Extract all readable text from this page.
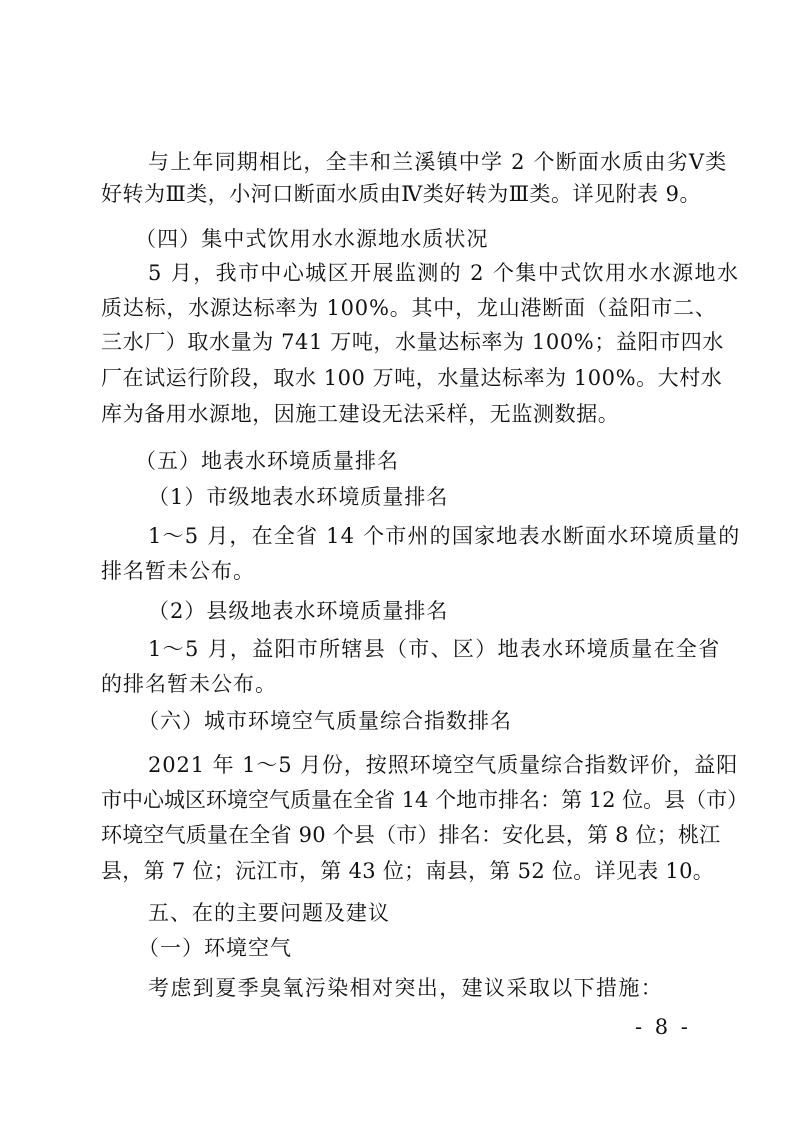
与上年同期相比，全丰和兰溪镇中学 2 个断面水质由劣Ⅴ类
好转为Ⅲ类，小河口断面水质由Ⅳ类好转为Ⅲ类。详见附表 9。
（四）集中式饮用水水源地水质状况
5 月，我市中心城区开展监测的 2 个集中式饮用水水源地水
质达标，水源达标率为 100%。其中，龙山港断面（益阳市二、
三水厂）取水量为 741 万吨，水量达标率为 100%；益阳市四水
厂在试运行阶段，取水 100 万吨，水量达标率为 100%。大村水
库为备用水源地，因施工建设无法采样，无监测数据。
（五）地表水环境质量排名
（1）市级地表水环境质量排名
1～5 月，在全省 14 个市州的国家地表水断面水环境质量的
排名暂未公布。
（2）县级地表水环境质量排名
1～5 月，益阳市所辖县（市、区）地表水环境质量在全省
的排名暂未公布。
（六）城市环境空气质量综合指数排名
2021 年 1～5 月份，按照环境空气质量综合指数评价，益阳
市中心城区环境空气质量在全省 14 个地市排名：第 12 位。县（市）
环境空气质量在全省 90 个县（市）排名：安化县，第 8 位；桃江
县，第 7 位；沅江市，第 43 位；南县，第 52 位。详见表 10。
五、在的主要问题及建议
（一）环境空气
考虑到夏季臭氧污染相对突出，建议采取以下措施：
- 8 -
